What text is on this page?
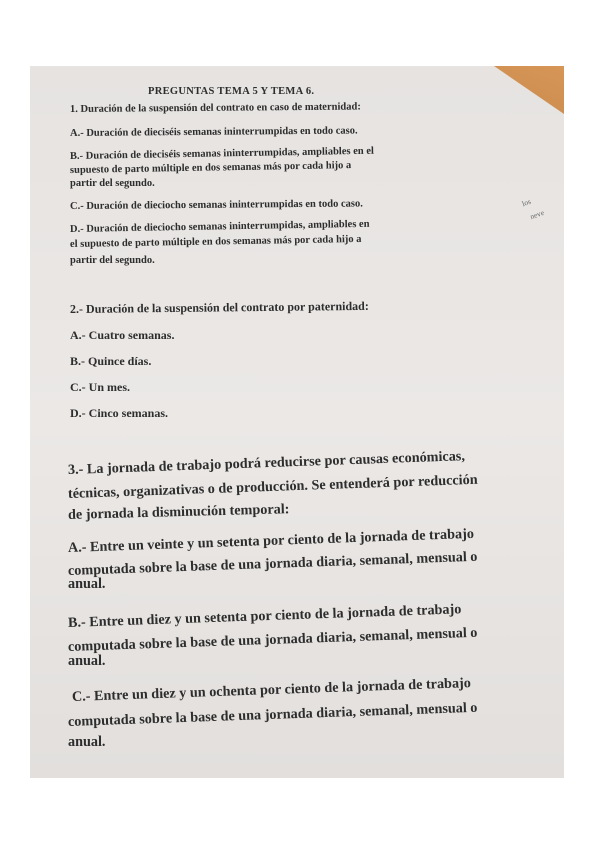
PREGUNTAS TEMA 5 Y TEMA 6.
1. Duración de la suspensión del contrato en caso de maternidad:
A.- Duración de dieciséis semanas ininterrumpidas en todo caso.
B.- Duración de dieciséis semanas ininterrumpidas, ampliables en el
supuesto de parto múltiple en dos semanas más por cada hijo a
partir del segundo.
C.- Duración de dieciocho semanas ininterrumpidas en todo caso.
D.- Duración de dieciocho semanas ininterrumpidas, ampliables en
el supuesto de parto múltiple en dos semanas más por cada hijo a
partir del segundo.
los
neve
2.- Duración de la suspensión del contrato por paternidad:
A.- Cuatro semanas.
B.- Quince días.
C.- Un mes.
D.- Cinco semanas.
3.- La jornada de trabajo podrá reducirse por causas económicas,
técnicas, organizativas o de producción. Se entenderá por reducción
de jornada la disminución temporal:
A.- Entre un veinte y un setenta por ciento de la jornada de trabajo
computada sobre la base de una jornada diaria, semanal, mensual o
anual.
B.- Entre un diez y un setenta por ciento de la jornada de trabajo
computada sobre la base de una jornada diaria, semanal, mensual o
anual.
C.- Entre un diez y un ochenta por ciento de la jornada de trabajo
computada sobre la base de una jornada diaria, semanal, mensual o
anual.
